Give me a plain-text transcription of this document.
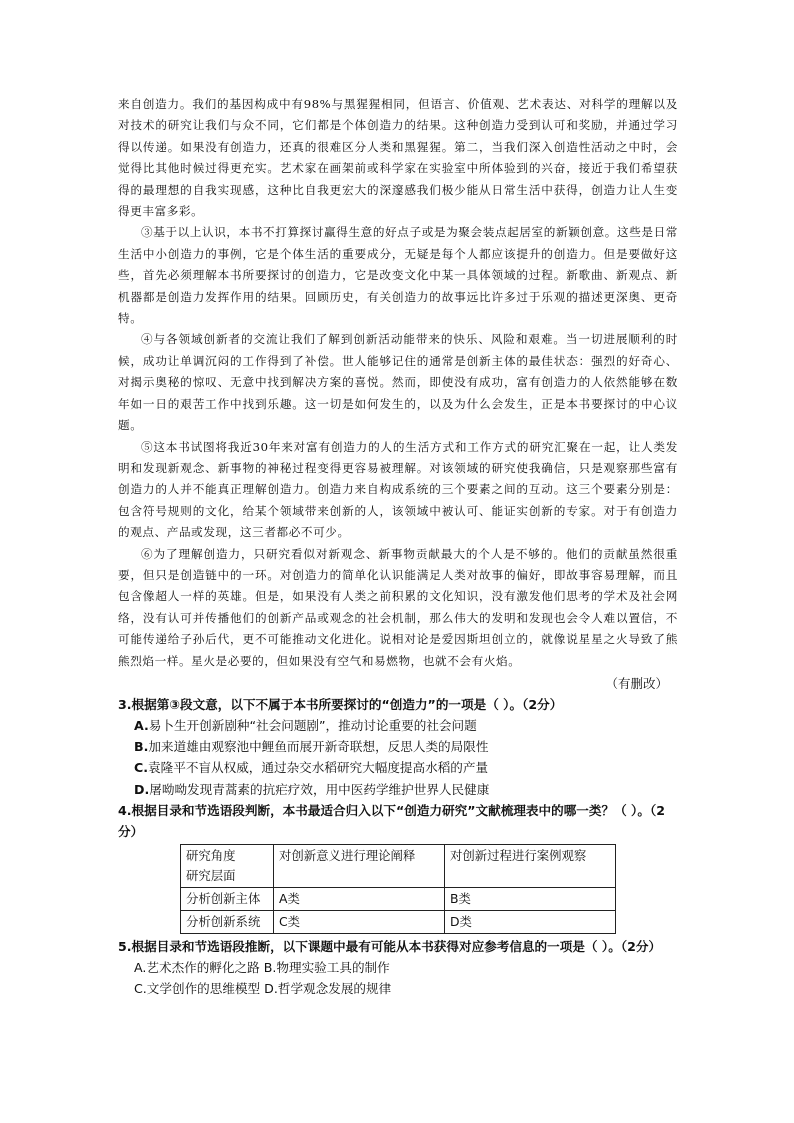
来自创造力。我们的基因构成中有98%与黑猩猩相同，但语言、价值观、艺术表达、对科学的理解以及对技术的研究让我们与众不同，它们都是个体创造力的结果。这种创造力受到认可和奖励，并通过学习得以传递。如果没有创造力，还真的很难区分人类和黑猩猩。第二，当我们深入创造性活动之中时，会觉得比其他时候过得更充实。艺术家在画架前或科学家在实验室中所体验到的兴奋，接近于我们希望获得的最理想的自我实现感，这种比自我更宏大的深邃感我们极少能从日常生活中获得，创造力让人生变得更丰富多彩。

③基于以上认识，本书不打算探讨赢得生意的好点子或是为聚会装点起居室的新颖创意。这些是日常生活中小创造力的事例，它是个体生活的重要成分，无疑是每个人都应该提升的创造力。但是要做好这些，首先必须理解本书所要探讨的创造力，它是改变文化中某一具体领域的过程。新歌曲、新观点、新机器都是创造力发挥作用的结果。回顾历史，有关创造力的故事远比许多过于乐观的描述更深奥、更奇特。

④与各领域创新者的交流让我们了解到创新活动能带来的快乐、风险和艰难。当一切进展顺利的时候，成功让单调沉闷的工作得到了补偿。世人能够记住的通常是创新主体的最佳状态：强烈的好奇心、对揭示奥秘的惊叹、无意中找到解决方案的喜悦。然而，即使没有成功，富有创造力的人依然能够在数年如一日的艰苦工作中找到乐趣。这一切是如何发生的，以及为什么会发生，正是本书要探讨的中心议题。

⑤这本书试图将我近30年来对富有创造力的人的生活方式和工作方式的研究汇聚在一起，让人类发明和发现新观念、新事物的神秘过程变得更容易被理解。对该领域的研究使我确信，只是观察那些富有创造力的人并不能真正理解创造力。创造力来自构成系统的三个要素之间的互动。这三个要素分别是：包含符号规则的文化，给某个领域带来创新的人，该领域中被认可、能证实创新的专家。对于有创造力的观点、产品或发现，这三者都必不可少。

⑥为了理解创造力，只研究看似对新观念、新事物贡献最大的个人是不够的。他们的贡献虽然很重要，但只是创造链中的一环。对创造力的简单化认识能满足人类对故事的偏好，即故事容易理解，而且包含像超人一样的英雄。但是，如果没有人类之前积累的文化知识，没有激发他们思考的学术及社会网络，没有认可并传播他们的创新产品或观念的社会机制，那么伟大的发明和发现也会令人难以置信，不可能传递给子孙后代，更不可能推动文化进化。说相对论是爱因斯坦创立的，就像说星星之火导致了熊熊烈焰一样。星火是必要的，但如果没有空气和易燃物，也就不会有火焰。

（有删改）

3.根据第③段文意，以下不属于本书所要探讨的“创造力”的一项是（ ）。（2分）

A.易卜生开创新剧种“社会问题剧”，推动讨论重要的社会问题

B.加来道雄由观察池中鲤鱼而展开新奇联想，反思人类的局限性

C.袁隆平不盲从权威，通过杂交水稻研究大幅度提高水稻的产量

D.屠呦呦发现青蒿素的抗疟疗效，用中医药学维护世界人民健康

4.根据目录和节选语段判断，本书最适合归入以下“创造力研究”文献梳理表中的哪一类？（ ）。（2分）

研究角度
研究层面	对创新意义进行理论阐释	对创新过程进行案例观察
分析创新主体	A类	B类
分析创新系统	C类	D类

5.根据目录和节选语段推断，以下课题中最有可能从本书获得对应参考信息的一项是（ ）。（2分）

A.艺术杰作的孵化之路 B.物理实验工具的制作

C.文学创作的思维模型 D.哲学观念发展的规律
